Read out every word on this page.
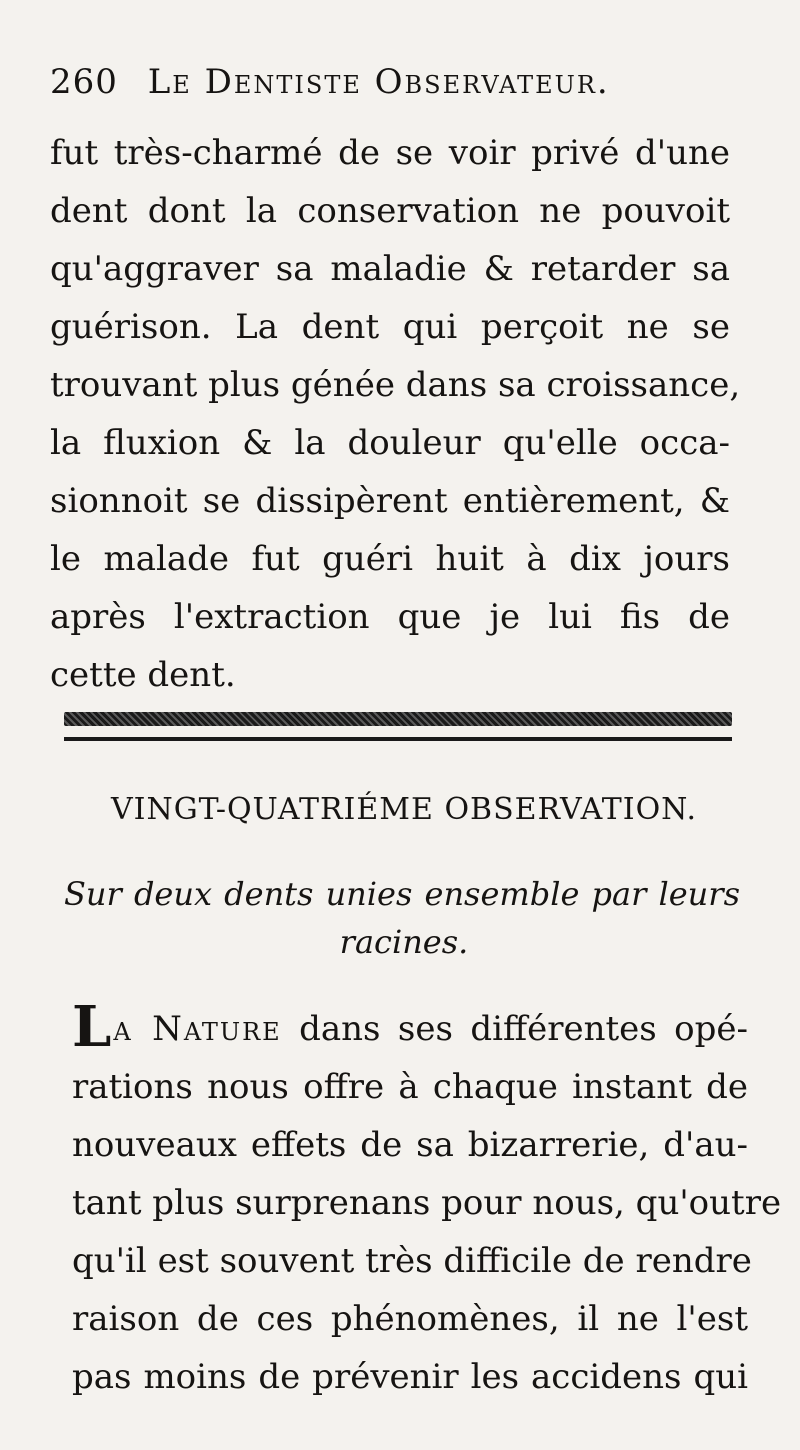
260 Le Dentiste Observateur.
fut très-charmé de se voir privé d'une
dent dont la conservation ne pouvoit
qu'aggraver sa maladie & retarder sa
guérison. La dent qui perçoit ne se
trouvant plus génée dans sa croissance,
la fluxion & la douleur qu'elle occa-
sionnoit se dissipèrent entièrement, &
le malade fut guéri huit à dix jours
après l'extraction que je lui fis de
cette dent.
VINGT-QUATRIÉME OBSERVATION.
Sur deux dents unies ensemble par leurs
racines.
La Nature dans ses différentes opé-
rations nous offre à chaque instant de
nouveaux effets de sa bizarrerie, d'au-
tant plus surprenans pour nous, qu'outre
qu'il est souvent très difficile de rendre
raison de ces phénomènes, il ne l'est
pas moins de prévenir les accidens qui
